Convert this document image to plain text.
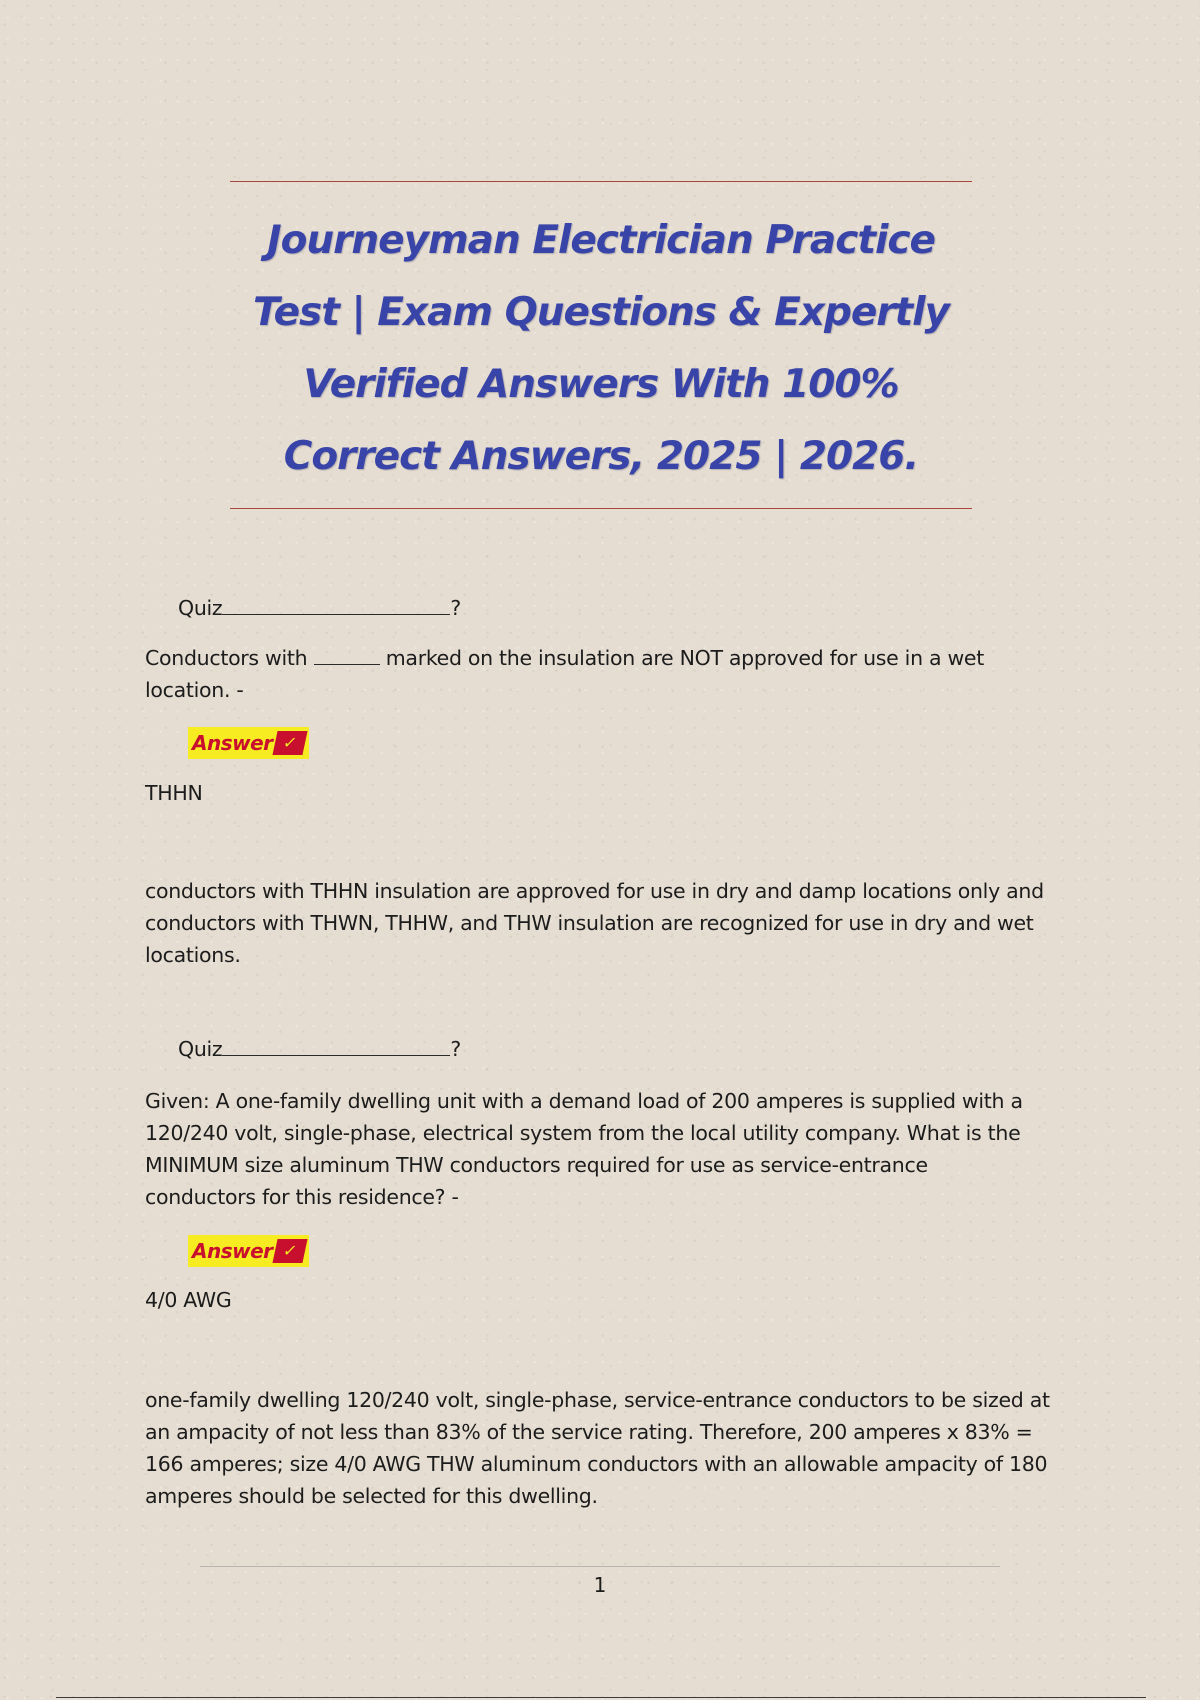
Journeyman Electrician Practice Test | Exam Questions & Expertly Verified Answers With 100% Correct Answers, 2025 | 2026.
Quiz	?
Conductors with	marked on the insulation are NOT approved for use in a wet location. -
Answer ✓
THHN
conductors with THHN insulation are approved for use in dry and damp locations only and conductors with THWN, THHW, and THW insulation are recognized for use in dry and wet locations.
Quiz	?
Given: A one-family dwelling unit with a demand load of 200 amperes is supplied with a 120/240 volt, single-phase, electrical system from the local utility company. What is the MINIMUM size aluminum THW conductors required for use as service-entrance conductors for this residence? -
Answer ✓
4/0 AWG
one-family dwelling 120/240 volt, single-phase, service-entrance conductors to be sized at an ampacity of not less than 83% of the service rating. Therefore, 200 amperes x 83% = 166 amperes; size 4/0 AWG THW aluminum conductors with an allowable ampacity of 180 amperes should be selected for this dwelling.
1
